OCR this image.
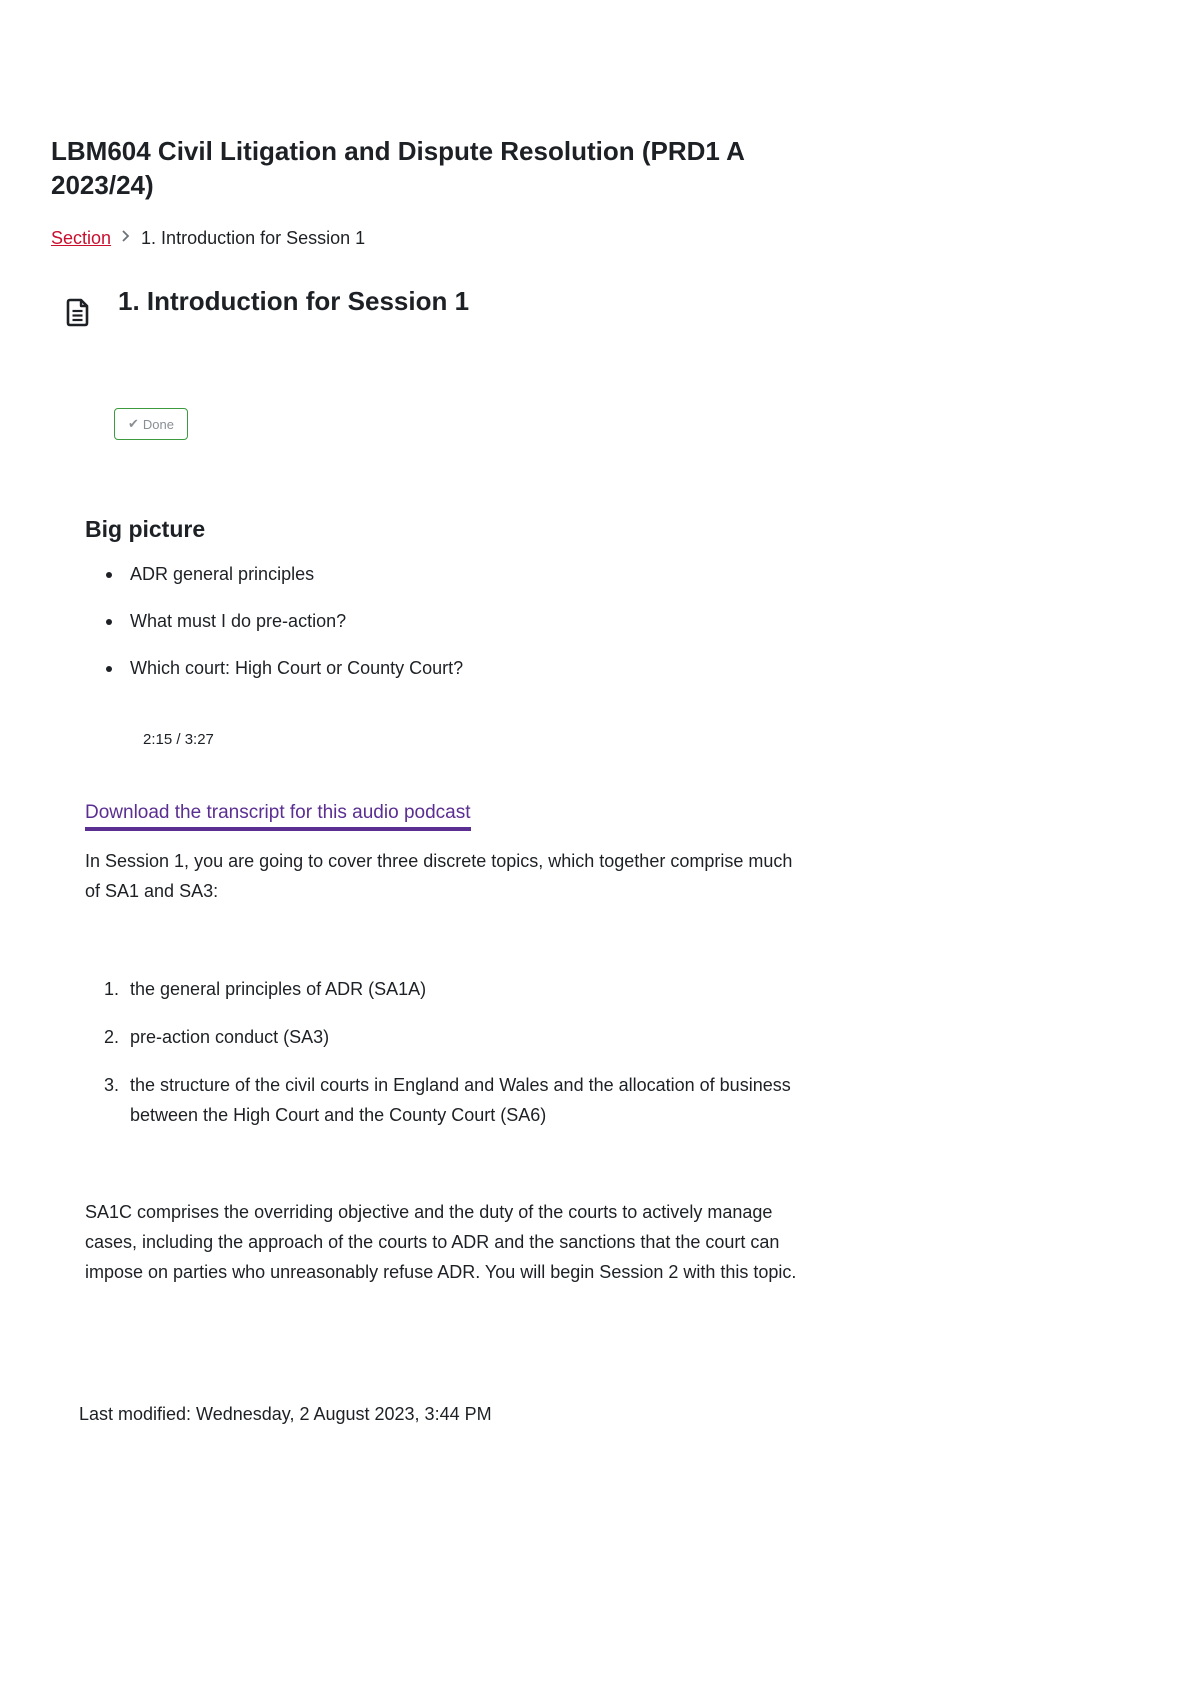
LBM604 Civil Litigation and Dispute Resolution (PRD1 A 2023/24)
Section 1. Introduction for Session 1
1. Introduction for Session 1
✔ Done
Big picture
ADR general principles
What must I do pre-action?
Which court: High Court or County Court?
2:15 / 3:27
Download the transcript for this audio podcast

In Session 1, you are going to cover three discrete topics, which together comprise much of SA1 and SA3:

1. the general principles of ADR (SA1A)
2. pre-action conduct (SA3)
3. the structure of the civil courts in England and Wales and the allocation of business between the High Court and the County Court (SA6)

SA1C comprises the overriding objective and the duty of the courts to actively manage cases, including the approach of the courts to ADR and the sanctions that the court can impose on parties who unreasonably refuse ADR. You will begin Session 2 with this topic.

Last modified: Wednesday, 2 August 2023, 3:44 PM
